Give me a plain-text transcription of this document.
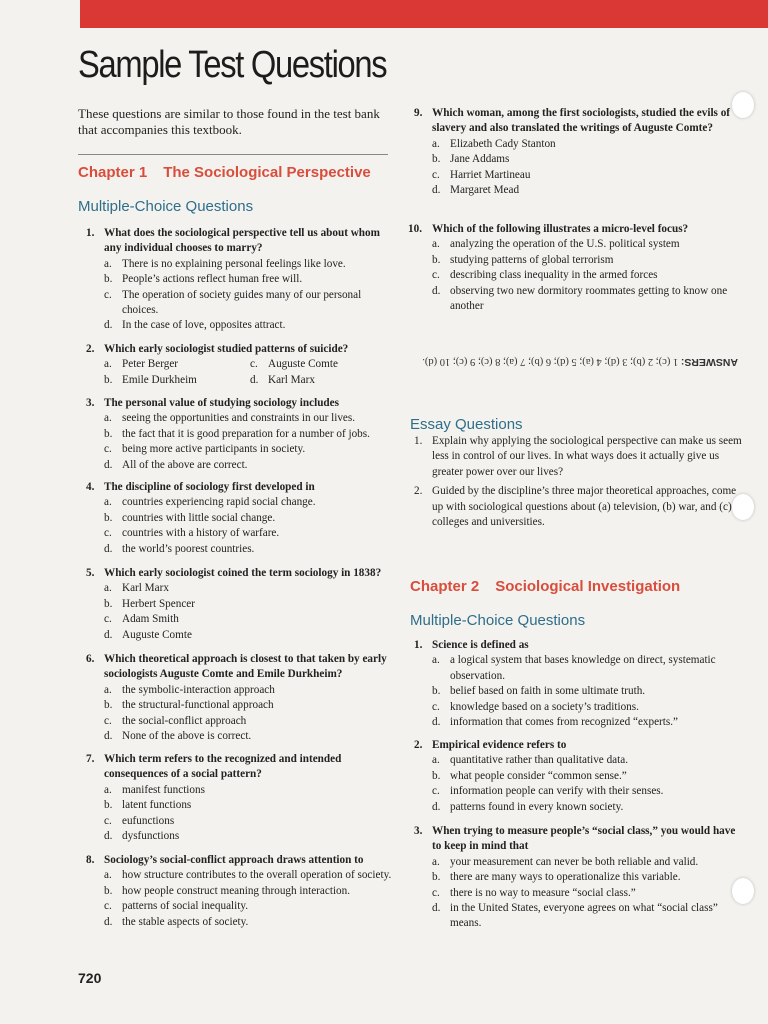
Sample Test Questions
These questions are similar to those found in the test bank that accompanies this textbook.
Chapter 1 The Sociological Perspective
Multiple-Choice Questions
1. What does the sociological perspective tell us about whom any individual chooses to marry?
a. There is no explaining personal feelings like love.
b. People’s actions reflect human free will.
c. The operation of society guides many of our personal choices.
d. In the case of love, opposites attract.
2. Which early sociologist studied patterns of suicide?
a. Peter Berger	c. Auguste Comte
b. Emile Durkheim	d. Karl Marx
3. The personal value of studying sociology includes
a. seeing the opportunities and constraints in our lives.
b. the fact that it is good preparation for a number of jobs.
c. being more active participants in society.
d. All of the above are correct.
4. The discipline of sociology first developed in
a. countries experiencing rapid social change.
b. countries with little social change.
c. countries with a history of warfare.
d. the world’s poorest countries.
5. Which early sociologist coined the term sociology in 1838?
a. Karl Marx
b. Herbert Spencer
c. Adam Smith
d. Auguste Comte
6. Which theoretical approach is closest to that taken by early sociologists Auguste Comte and Emile Durkheim?
a. the symbolic-interaction approach
b. the structural-functional approach
c. the social-conflict approach
d. None of the above is correct.
7. Which term refers to the recognized and intended consequences of a social pattern?
a. manifest functions
b. latent functions
c. eufunctions
d. dysfunctions
8. Sociology’s social-conflict approach draws attention to
a. how structure contributes to the overall operation of society.
b. how people construct meaning through interaction.
c. patterns of social inequality.
d. the stable aspects of society.
9. Which woman, among the first sociologists, studied the evils of slavery and also translated the writings of Auguste Comte?
a. Elizabeth Cady Stanton
b. Jane Addams
c. Harriet Martineau
d. Margaret Mead
10. Which of the following illustrates a micro-level focus?
a. analyzing the operation of the U.S. political system
b. studying patterns of global terrorism
c. describing class inequality in the armed forces
d. observing two new dormitory roommates getting to know one another
ANSWERS: 1 (c); 2 (b); 3 (d); 4 (a); 5 (d); 6 (b); 7 (a); 8 (c); 9 (c); 10 (d).
Essay Questions
1. Explain why applying the sociological perspective can make us seem less in control of our lives. In what ways does it actually give us greater power over our lives?
2. Guided by the discipline’s three major theoretical approaches, come up with sociological questions about (a) television, (b) war, and (c) colleges and universities.
Chapter 2 Sociological Investigation
Multiple-Choice Questions
1. Science is defined as
a. a logical system that bases knowledge on direct, systematic observation.
b. belief based on faith in some ultimate truth.
c. knowledge based on a society’s traditions.
d. information that comes from recognized “experts.”
2. Empirical evidence refers to
a. quantitative rather than qualitative data.
b. what people consider “common sense.”
c. information people can verify with their senses.
d. patterns found in every known society.
3. When trying to measure people’s “social class,” you would have to keep in mind that
a. your measurement can never be both reliable and valid.
b. there are many ways to operationalize this variable.
c. there is no way to measure “social class.”
d. in the United States, everyone agrees on what “social class” means.
720
